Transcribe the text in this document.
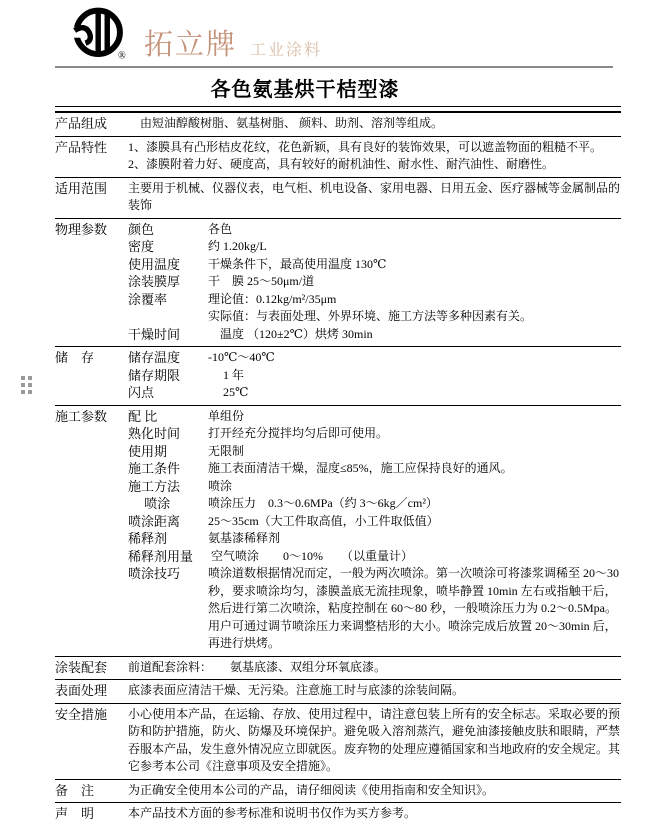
® 拓立牌 工业涂料
各色氨基烘干桔型漆
产品组成	　由短油醇酸树脂、氨基树脂、 颜料、助剂、溶剂等组成。
产品特性	1、漆膜具有凸形桔皮花纹，花色新颖，具有良好的装饰效果，可以遮盖物面的粗糙不平。
2、漆膜附着力好、硬度高，具有较好的耐机油性、耐水性、耐汽油性、耐磨性。
适用范围	主要用于机械、仪器仪表，电气柜、机电设备、家用电器、日用五金、医疗器械等金属制品的装饰
物理参数	颜色	各色
密度	约 1.20kg/L
使用温度	干燥条件下，最高使用温度 130℃
涂装膜厚	干　膜 25～50μm/道
涂覆率	理论值：0.12kg/m²/35μm
实际值：与表面处理、外界环境、施工方法等多种因素有关。
干燥时间	　温度 （120±2℃）烘烤 30min
储　存	储存温度	-10℃～40℃
储存期限	　 1 年
闪点	　 25℃
施工参数	配 比	单组份
熟化时间	打开经充分搅拌均匀后即可使用。
使用期	无限制
施工条件	施工表面清洁干燥，湿度≤85%，施工应保持良好的通风。
施工方法	喷涂
　 喷涂	喷涂压力　0.3～0.6MPa（约 3～6kg／cm²）
喷涂距离	25～35cm（大工件取高值，小工件取低值）
稀释剂	氨基漆稀释剂
稀释剂用量	空气喷涂　　0～10%　　（以重量计）
喷涂技巧	喷涂道数根据情况而定，一般为两次喷涂。第一次喷涂可将漆浆调稀至 20～30 秒，要求喷涂均匀，漆膜盖底无流挂现象，喷毕静置 10min 左右或指触干后，然后进行第二次喷涂，粘度控制在 60～80 秒，一般喷涂压力为 0.2～0.5Mpa。用户可通过调节喷涂压力来调整桔形的大小。喷涂完成后放置 20～30min 后，再进行烘烤。
涂装配套	前道配套涂料：　　氨基底漆、双组分环氧底漆。
表面处理	底漆表面应清洁干燥、无污染。注意施工时与底漆的涂装间隔。
安全措施	小心使用本产品，在运输、存放、使用过程中，请注意包装上所有的安全标志。采取必要的预防和防护措施，防火、防爆及环境保护。避免吸入溶剂蒸汽，避免油漆接触皮肤和眼睛，严禁吞服本产品，发生意外情况应立即就医。废弃物的处理应遵循国家和当地政府的安全规定。其它参考本公司《注意事项及安全措施》。
备　注	为正确安全使用本公司的产品，请仔细阅读《使用指南和安全知识》。
声　明	本产品技术方面的参考标准和说明书仅作为买方参考。
